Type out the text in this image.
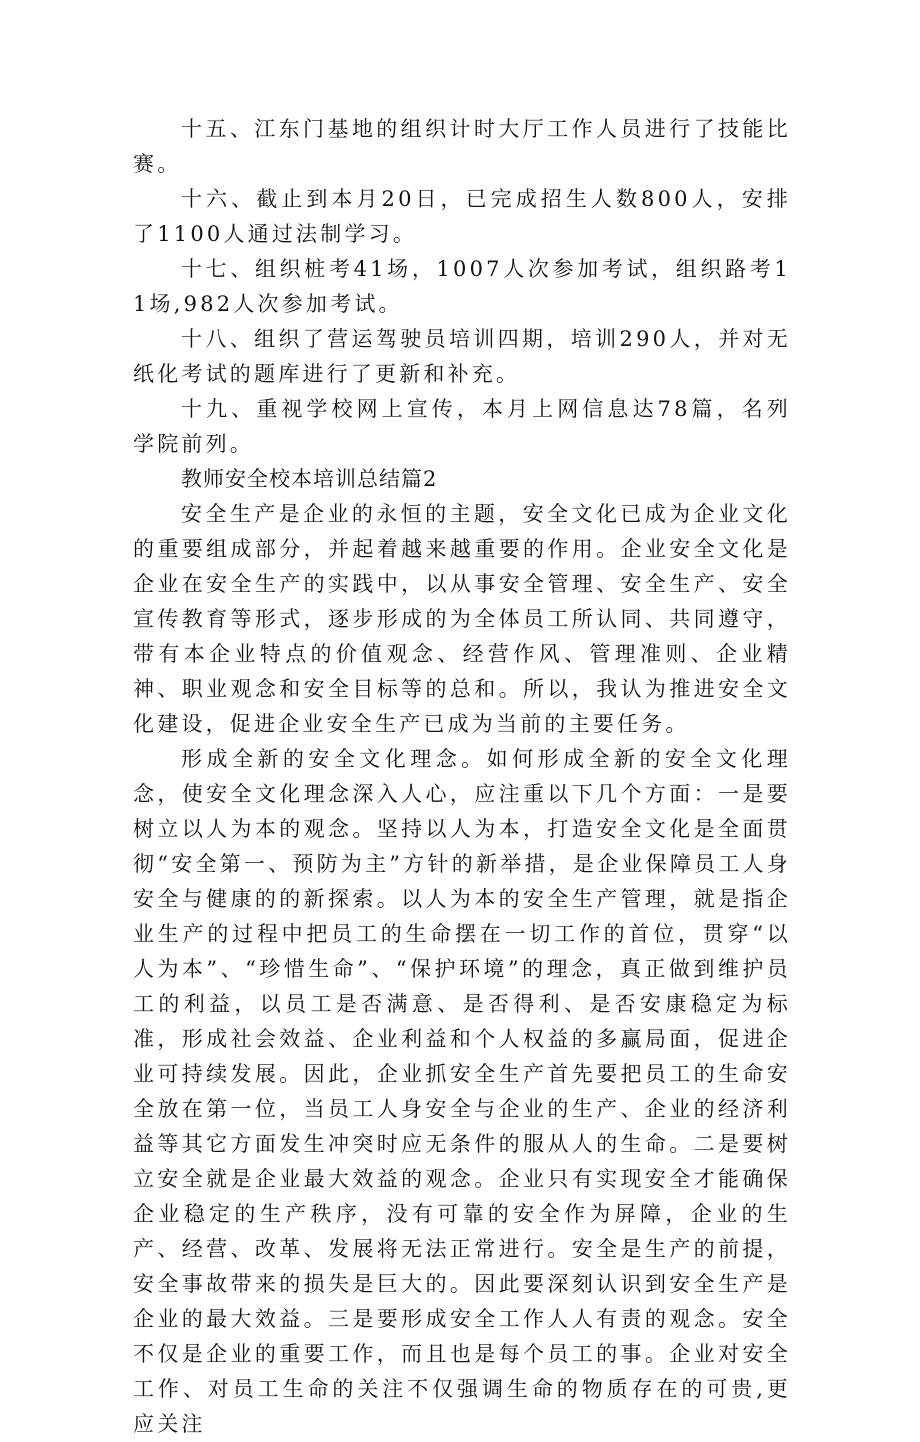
十五、江东门基地的组织计时大厅工作人员进行了技能比赛。

十六、截止到本月20日，已完成招生人数800人，安排了1100人通过法制学习。

十七、组织桩考41场，1007人次参加考试，组织路考11场,982人次参加考试。

十八、组织了营运驾驶员培训四期，培训290人，并对无纸化考试的题库进行了更新和补充。

十九、重视学校网上宣传，本月上网信息达78篇，名列学院前列。

教师安全校本培训总结篇2

安全生产是企业的永恒的主题，安全文化已成为企业文化的重要组成部分，并起着越来越重要的作用。企业安全文化是企业在安全生产的实践中，以从事安全管理、安全生产、安全宣传教育等形式，逐步形成的为全体员工所认同、共同遵守，带有本企业特点的价值观念、经营作风、管理准则、企业精神、职业观念和安全目标等的总和。所以，我认为推进安全文化建设，促进企业安全生产已成为当前的主要任务。

形成全新的安全文化理念。如何形成全新的安全文化理念，使安全文化理念深入人心，应注重以下几个方面：一是要树立以人为本的观念。坚持以人为本，打造安全文化是全面贯彻“安全第一、预防为主”方针的新举措，是企业保障员工人身安全与健康的的新探索。以人为本的安全生产管理，就是指企业生产的过程中把员工的生命摆在一切工作的首位，贯穿“以人为本”、“珍惜生命”、“保护环境”的理念，真正做到维护员工的利益，以员工是否满意、是否得利、是否安康稳定为标准，形成社会效益、企业利益和个人权益的多赢局面，促进企业可持续发展。因此，企业抓安全生产首先要把员工的生命安全放在第一位，当员工人身安全与企业的生产、企业的经济利益等其它方面发生冲突时应无条件的服从人的生命。二是要树立安全就是企业最大效益的观念。企业只有实现安全才能确保企业稳定的生产秩序，没有可靠的安全作为屏障，企业的生产、经营、改革、发展将无法正常进行。安全是生产的前提，安全事故带来的损失是巨大的。因此要深刻认识到安全生产是企业的最大效益。三是要形成安全工作人人有责的观念。安全不仅是企业的重要工作，而且也是每个员工的事。企业对安全工作、对员工生命的关注不仅强调生命的物质存在的可贵,更应关注
